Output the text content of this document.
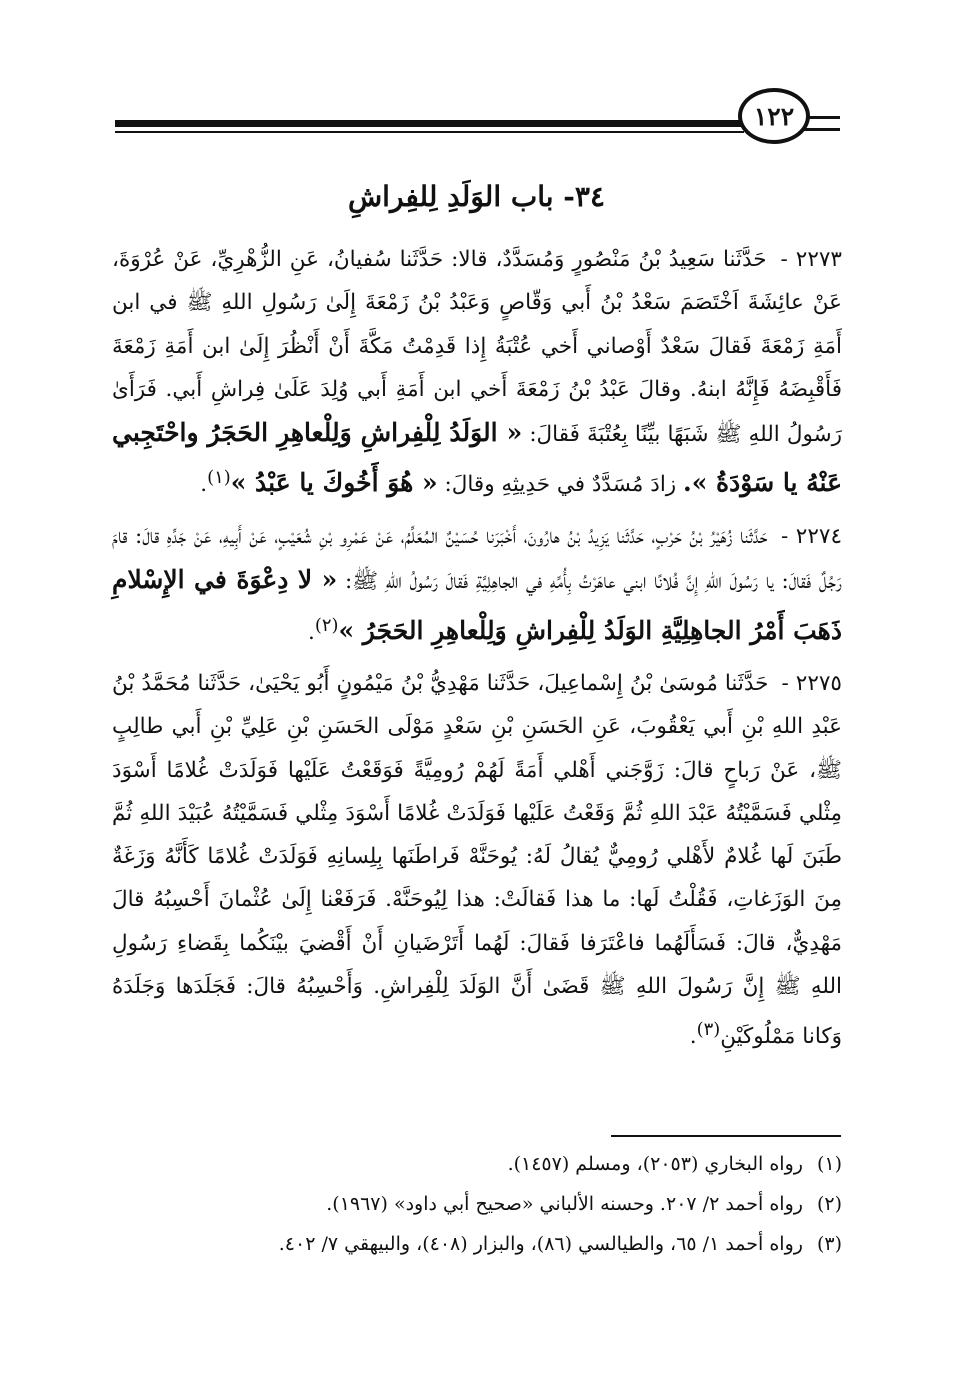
١٢٢
٣٤- باب الوَلَدِ لِلفِراشِ

٢٢٧٣ - حَدَّثَنا سَعِيدُ بْنُ مَنْصُورٍ وَمُسَدَّدٌ، قالا: حَدَّثَنا سُفيانُ، عَنِ الزُّهْرِيِّ، عَنْ عُرْوَةَ، عَنْ عائِشَةَ اَخْتَصَمَ سَعْدُ بْنُ أَبي وَقّاصٍ وَعَبْدُ بْنُ زَمْعَةَ إِلَىٰ رَسُولِ اللهِ ﷺ في ابن أَمَةِ زَمْعَةَ فَقالَ سَعْدٌ أَوْصاني أَخي عُتْبَةُ إِذا قَدِمْتُ مَكَّةَ أَنْ أَنْظُرَ إِلَىٰ ابن أَمَةِ زَمْعَةَ فَأَقْبِضَهُ فَإِنَّهُ ابنهُ. وقالَ عَبْدُ بْنُ زَمْعَةَ أَخي ابن أَمَةِ أَبي وُلِدَ عَلَىٰ فِراشِ أَبي. فَرَأَىٰ رَسُولُ اللهِ ﷺ شَبَهًا بيِّنًا بِعُتْبَةَ فَقالَ: « الوَلَدُ لِلْفِراشِ وَلِلْعاهِرِ الحَجَرُ واحْتَجِبي عَنْهُ يا سَوْدَةُ ». زادَ مُسَدَّدٌ في حَدِيثِهِ وقالَ: « هُوَ أَخُوكَ يا عَبْدُ »$^{(١)}$.

٢٢٧٤ - حَدَّثَنا زُهَيْرُ بْنُ حَرْبٍ، حَدَّثَنا يَزِيدُ بْنُ هارُونَ، أَخْبَرَنا حُسَيْنٌ المُعَلِّمُ، عَنْ عَمْرِو بْنِ شُعَيْبٍ، عَنْ أَبِيهِ، عَنْ جَدِّهِ قالَ: قامَ رَجُلٌ فَقالَ: يا رَسُولَ اللهِ إِنَّ فُلانًا ابني عاهَرْتُ بِأُمِّهِ في الجاهِلِيَّةِ فَقالَ رَسُولُ اللهِ ﷺ: « لا دِعْوَةَ في الإِسْلامِ ذَهَبَ أَمْرُ الجاهِلِيَّةِ الوَلَدُ لِلْفِراشِ وَلِلْعاهِرِ الحَجَرُ »$^{(٢)}$.

٢٢٧٥ - حَدَّثَنا مُوسَىٰ بْنُ إِسْماعِيلَ، حَدَّثَنا مَهْدِيُّ بْنُ مَيْمُونٍ أَبُو يَحْيَىٰ، حَدَّثَنا مُحَمَّدُ بْنُ عَبْدِ اللهِ بْنِ أَبي يَعْقُوبَ، عَنِ الحَسَنِ بْنِ سَعْدٍ مَوْلَى الحَسَنِ بْنِ عَلِيِّ بْنِ أَبي طالِبٍ ﷺ، عَنْ رَباحٍ قالَ: زَوَّجَني أَهْلي أَمَةً لَهُمْ رُومِيَّةً فَوَقَعْتُ عَلَيْها فَوَلَدَتْ غُلامًا أَسْوَدَ مِثْلي فَسَمَّيْتُهُ عَبْدَ اللهِ ثُمَّ وَقَعْتُ عَلَيْها فَوَلَدَتْ غُلامًا أَسْوَدَ مِثْلي فَسَمَّيْتُهُ عُبَيْدَ اللهِ ثُمَّ طَبَنَ لَها غُلامٌ لأَهْلي رُومِيٌّ يُقالُ لَهُ: يُوحَنَّهْ فَراطَنَها بِلِسانِهِ فَوَلَدَتْ غُلامًا كَأَنَّهُ وَزَغَةٌ مِنَ الوَزَغاتِ، فَقُلْتُ لَها: ما هذا فَقالَتْ: هذا لِيُوحَنَّهْ. فَرَفَعْنا إِلَىٰ عُثْمانَ أَحْسِبُهُ قالَ مَهْدِيٌّ، قالَ: فَسَأَلَهُما فاعْتَرَفا فَقالَ: لَهُما أَتَرْضَيانِ أَنْ أَقْضيَ بيْنَكُما بِقَضاءِ رَسُولِ اللهِ ﷺ إِنَّ رَسُولَ اللهِ ﷺ قَضَىٰ أَنَّ الوَلَدَ لِلْفِراشِ. وَأَحْسِبُهُ قالَ: فَجَلَدَها وَجَلَدَهُ وَكانا مَمْلُوكَيْنِ$^{(٣)}$.

(١)رواه البخاري (٢٠٥٣)، ومسلم (١٤٥٧).
(٢)رواه أحمد ٢/ ٢٠٧. وحسنه الألباني «صحيح أبي داود» (١٩٦٧).
(٣)رواه أحمد ١/ ٦٥، والطيالسي (٨٦)، والبزار (٤٠٨)، والبيهقي ٧/ ٤٠٢.
